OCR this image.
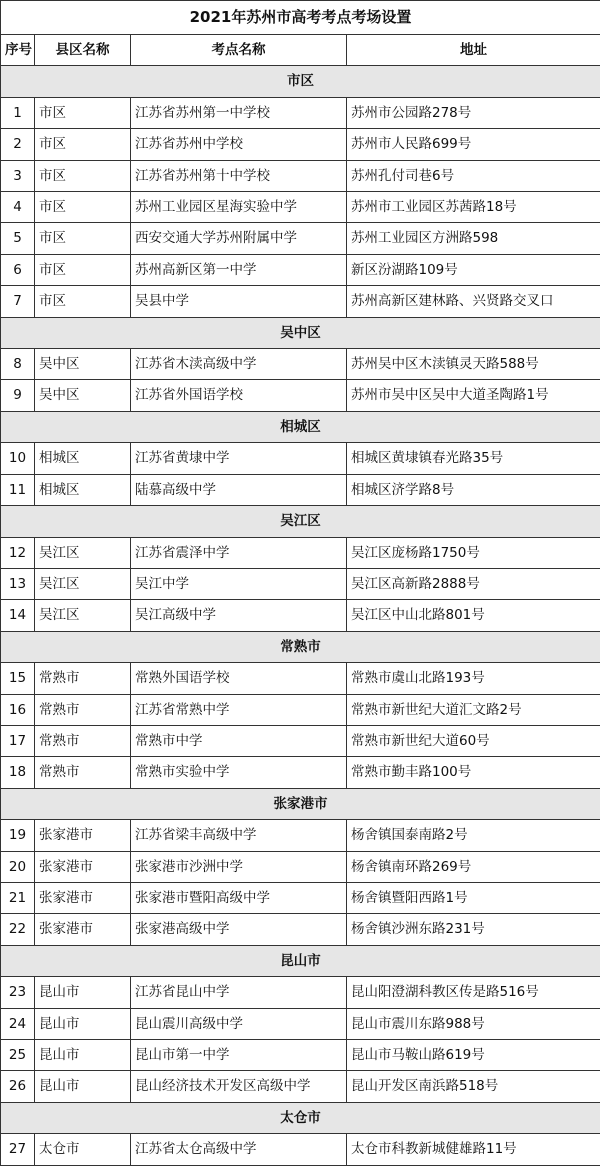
2021年苏州市高考考点考场设置			
序号	县区名称	考点名称	地址
市区			
1	市区	江苏省苏州第一中学校	苏州市公园路278号
2	市区	江苏省苏州中学校	苏州市人民路699号
3	市区	江苏省苏州第十中学校	苏州孔付司巷6号
4	市区	苏州工业园区星海实验中学	苏州市工业园区苏茜路18号
5	市区	西安交通大学苏州附属中学	苏州工业园区方洲路598
6	市区	苏州高新区第一中学	新区汾湖路109号
7	市区	吴县中学	苏州高新区建林路、兴贤路交叉口
吴中区			
8	吴中区	江苏省木渎高级中学	苏州吴中区木渎镇灵天路588号
9	吴中区	江苏省外国语学校	苏州市吴中区吴中大道圣陶路1号
相城区			
10	相城区	江苏省黄埭中学	相城区黄埭镇春光路35号
11	相城区	陆慕高级中学	相城区济学路8号
吴江区			
12	吴江区	江苏省震泽中学	吴江区庞杨路1750号
13	吴江区	吴江中学	吴江区高新路2888号
14	吴江区	吴江高级中学	吴江区中山北路801号
常熟市			
15	常熟市	常熟外国语学校	常熟市虞山北路193号
16	常熟市	江苏省常熟中学	常熟市新世纪大道汇文路2号
17	常熟市	常熟市中学	常熟市新世纪大道60号
18	常熟市	常熟市实验中学	常熟市勤丰路100号
张家港市			
19	张家港市	江苏省梁丰高级中学	杨舍镇国泰南路2号
20	张家港市	张家港市沙洲中学	杨舍镇南环路269号
21	张家港市	张家港市暨阳高级中学	杨舍镇暨阳西路1号
22	张家港市	张家港高级中学	杨舍镇沙洲东路231号
昆山市			
23	昆山市	江苏省昆山中学	昆山阳澄湖科教区传是路516号
24	昆山市	昆山震川高级中学	昆山市震川东路988号
25	昆山市	昆山市第一中学	昆山市马鞍山路619号
26	昆山市	昆山经济技术开发区高级中学	昆山开发区南浜路518号
太仓市			
27	太仓市	江苏省太仓高级中学	太仓市科教新城健雄路11号
